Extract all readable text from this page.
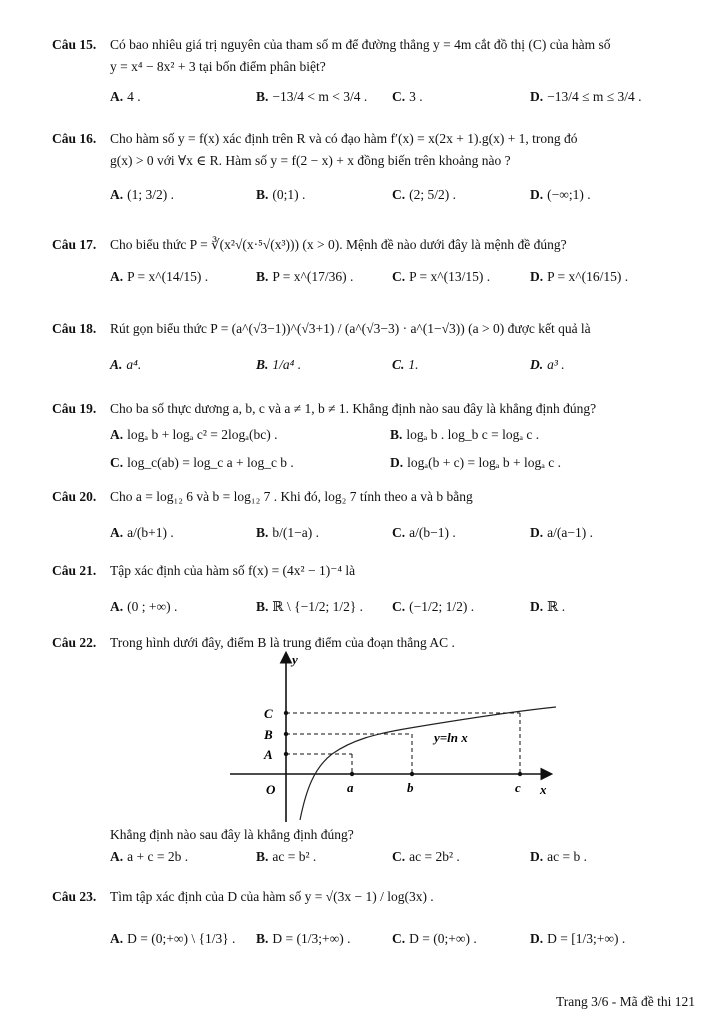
Câu 15. Có bao nhiêu giá trị nguyên của tham số m để đường thẳng y = 4m cắt đồ thị (C) của hàm số
y = x⁴ − 8x² + 3 tại bốn điểm phân biệt?
A. 4 .	B. −13/4 < m < 3/4 . C. 3 .	D. −13/4 ≤ m ≤ 3/4 .
Câu 16. Cho hàm số y = f(x) xác định trên R và có đạo hàm f′(x) = x(2x + 1).g(x) + 1, trong đó
g(x) > 0 với ∀x ∈ R. Hàm số y = f(2 − x) + x đồng biến trên khoảng nào ?
A. (1; 3/2) .	B. (0;1) .	C. (2; 5/2) .	D. (−∞;1) .
Câu 17. Cho biểu thức P = ∛(x²√(x·⁵√(x³))) (x > 0). Mệnh đề nào dưới đây là mệnh đề đúng?
A. P = x^(14/15) .	B. P = x^(17/36) .	C. P = x^(13/15) .	D. P = x^(16/15) .
Câu 18. Rút gọn biểu thức P = (a^(√3−1))^(√3+1) / (a^(√3−3) · a^(1−√3)) (a > 0) được kết quả là
A. a⁴.	B. 1/a⁴ .	C. 1.	D. a³ .
Câu 19. Cho ba số thực dương a, b, c và a ≠ 1, b ≠ 1. Khẳng định nào sau đây là khẳng định đúng?
A. logₐ b + logₐ c² = 2logₐ(bc) .	B. logₐ b . log_b c = logₐ c .
C. log_c(ab) = log_c a + log_c b .	D. logₐ(b + c) = logₐ b + logₐ c .
Câu 20. Cho a = log₁₂ 6 và b = log₁₂ 7 . Khi đó, log₂ 7 tính theo a và b bằng
A. a/(b+1) .	B. b/(1−a) .	C. a/(b−1) .	D. a/(a−1) .
Câu 21. Tập xác định của hàm số f(x) = (4x² − 1)⁻⁴ là
A. (0 ; +∞) .	B. ℝ \ {−1/2; 1/2} . C. (−1/2; 1/2) .	D. ℝ .
Câu 22. Trong hình dưới đây, điểm B là trung điểm của đoạn thẳng AC .
y
x
O	a	b	c
A
B
C
y=ln x
Khẳng định nào sau đây là khẳng định đúng?
A. a + c = 2b .	B. ac = b² .	C. ac = 2b² .	D. ac = b .
Câu 23. Tìm tập xác định của D của hàm số y = √(3x − 1) / log(3x) .
A. D = (0;+∞) \ {1/3} . B. D = (1/3;+∞) .	C. D = (0;+∞) .	D. D = [1/3;+∞) .
Trang 3/6 - Mã đề thi 121
